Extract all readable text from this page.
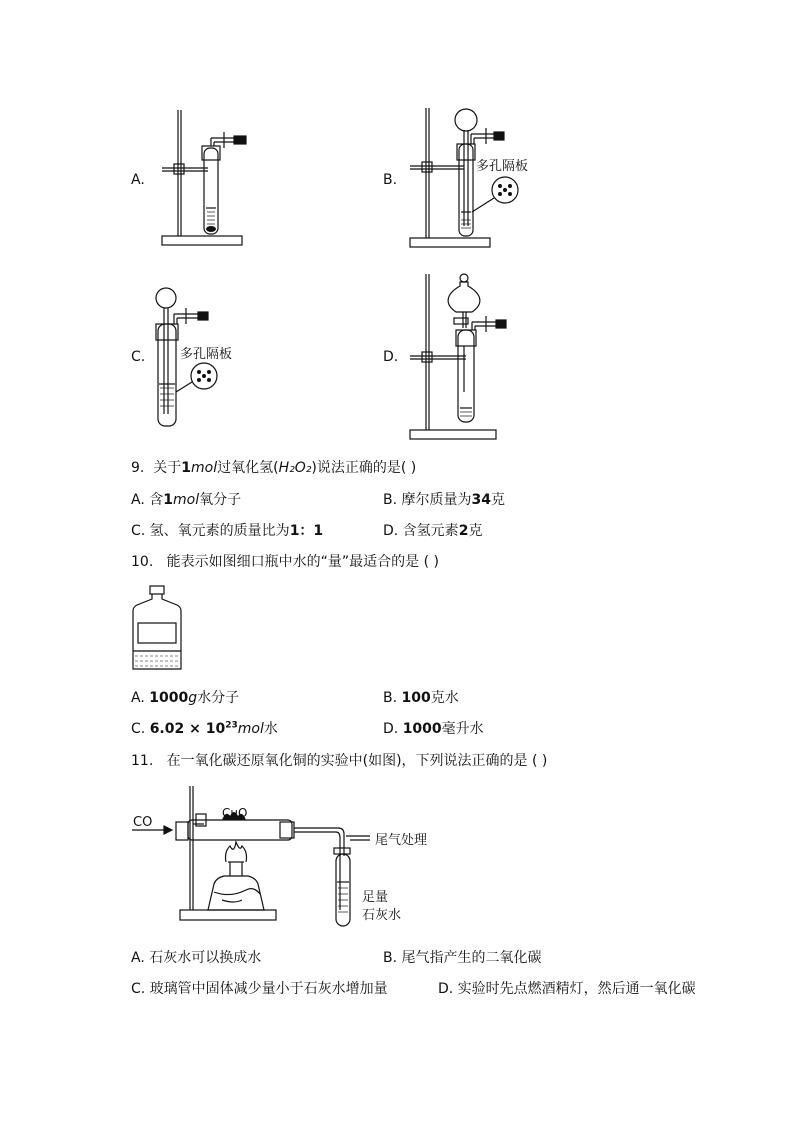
A.	B.
多孔隔板
C.	多孔隔板	D.
9. 关于1mol过氧化氢(H₂O₂)说法正确的是( )
A. 含1mol氧分子	B. 摩尔质量为34克
C. 氢、氧元素的质量比为1：1	D. 含氢元素2克
10. 能表示如图细口瓶中水的“量”最适合的是 ( )
A. 1000g水分子	B. 100克水
C. $6.02 \times 10^{23}mol$水	D. 1000毫升水
11. 在一氧化碳还原氧化铜的实验中(如图)，下列说法正确的是 ( )
CO
CuO
尾气处理
足量
石灰水
A. 石灰水可以换成水	B. 尾气指产生的二氧化碳
C. 玻璃管中固体减少量小于石灰水增加量	D. 实验时先点燃酒精灯，然后通一氧化碳
